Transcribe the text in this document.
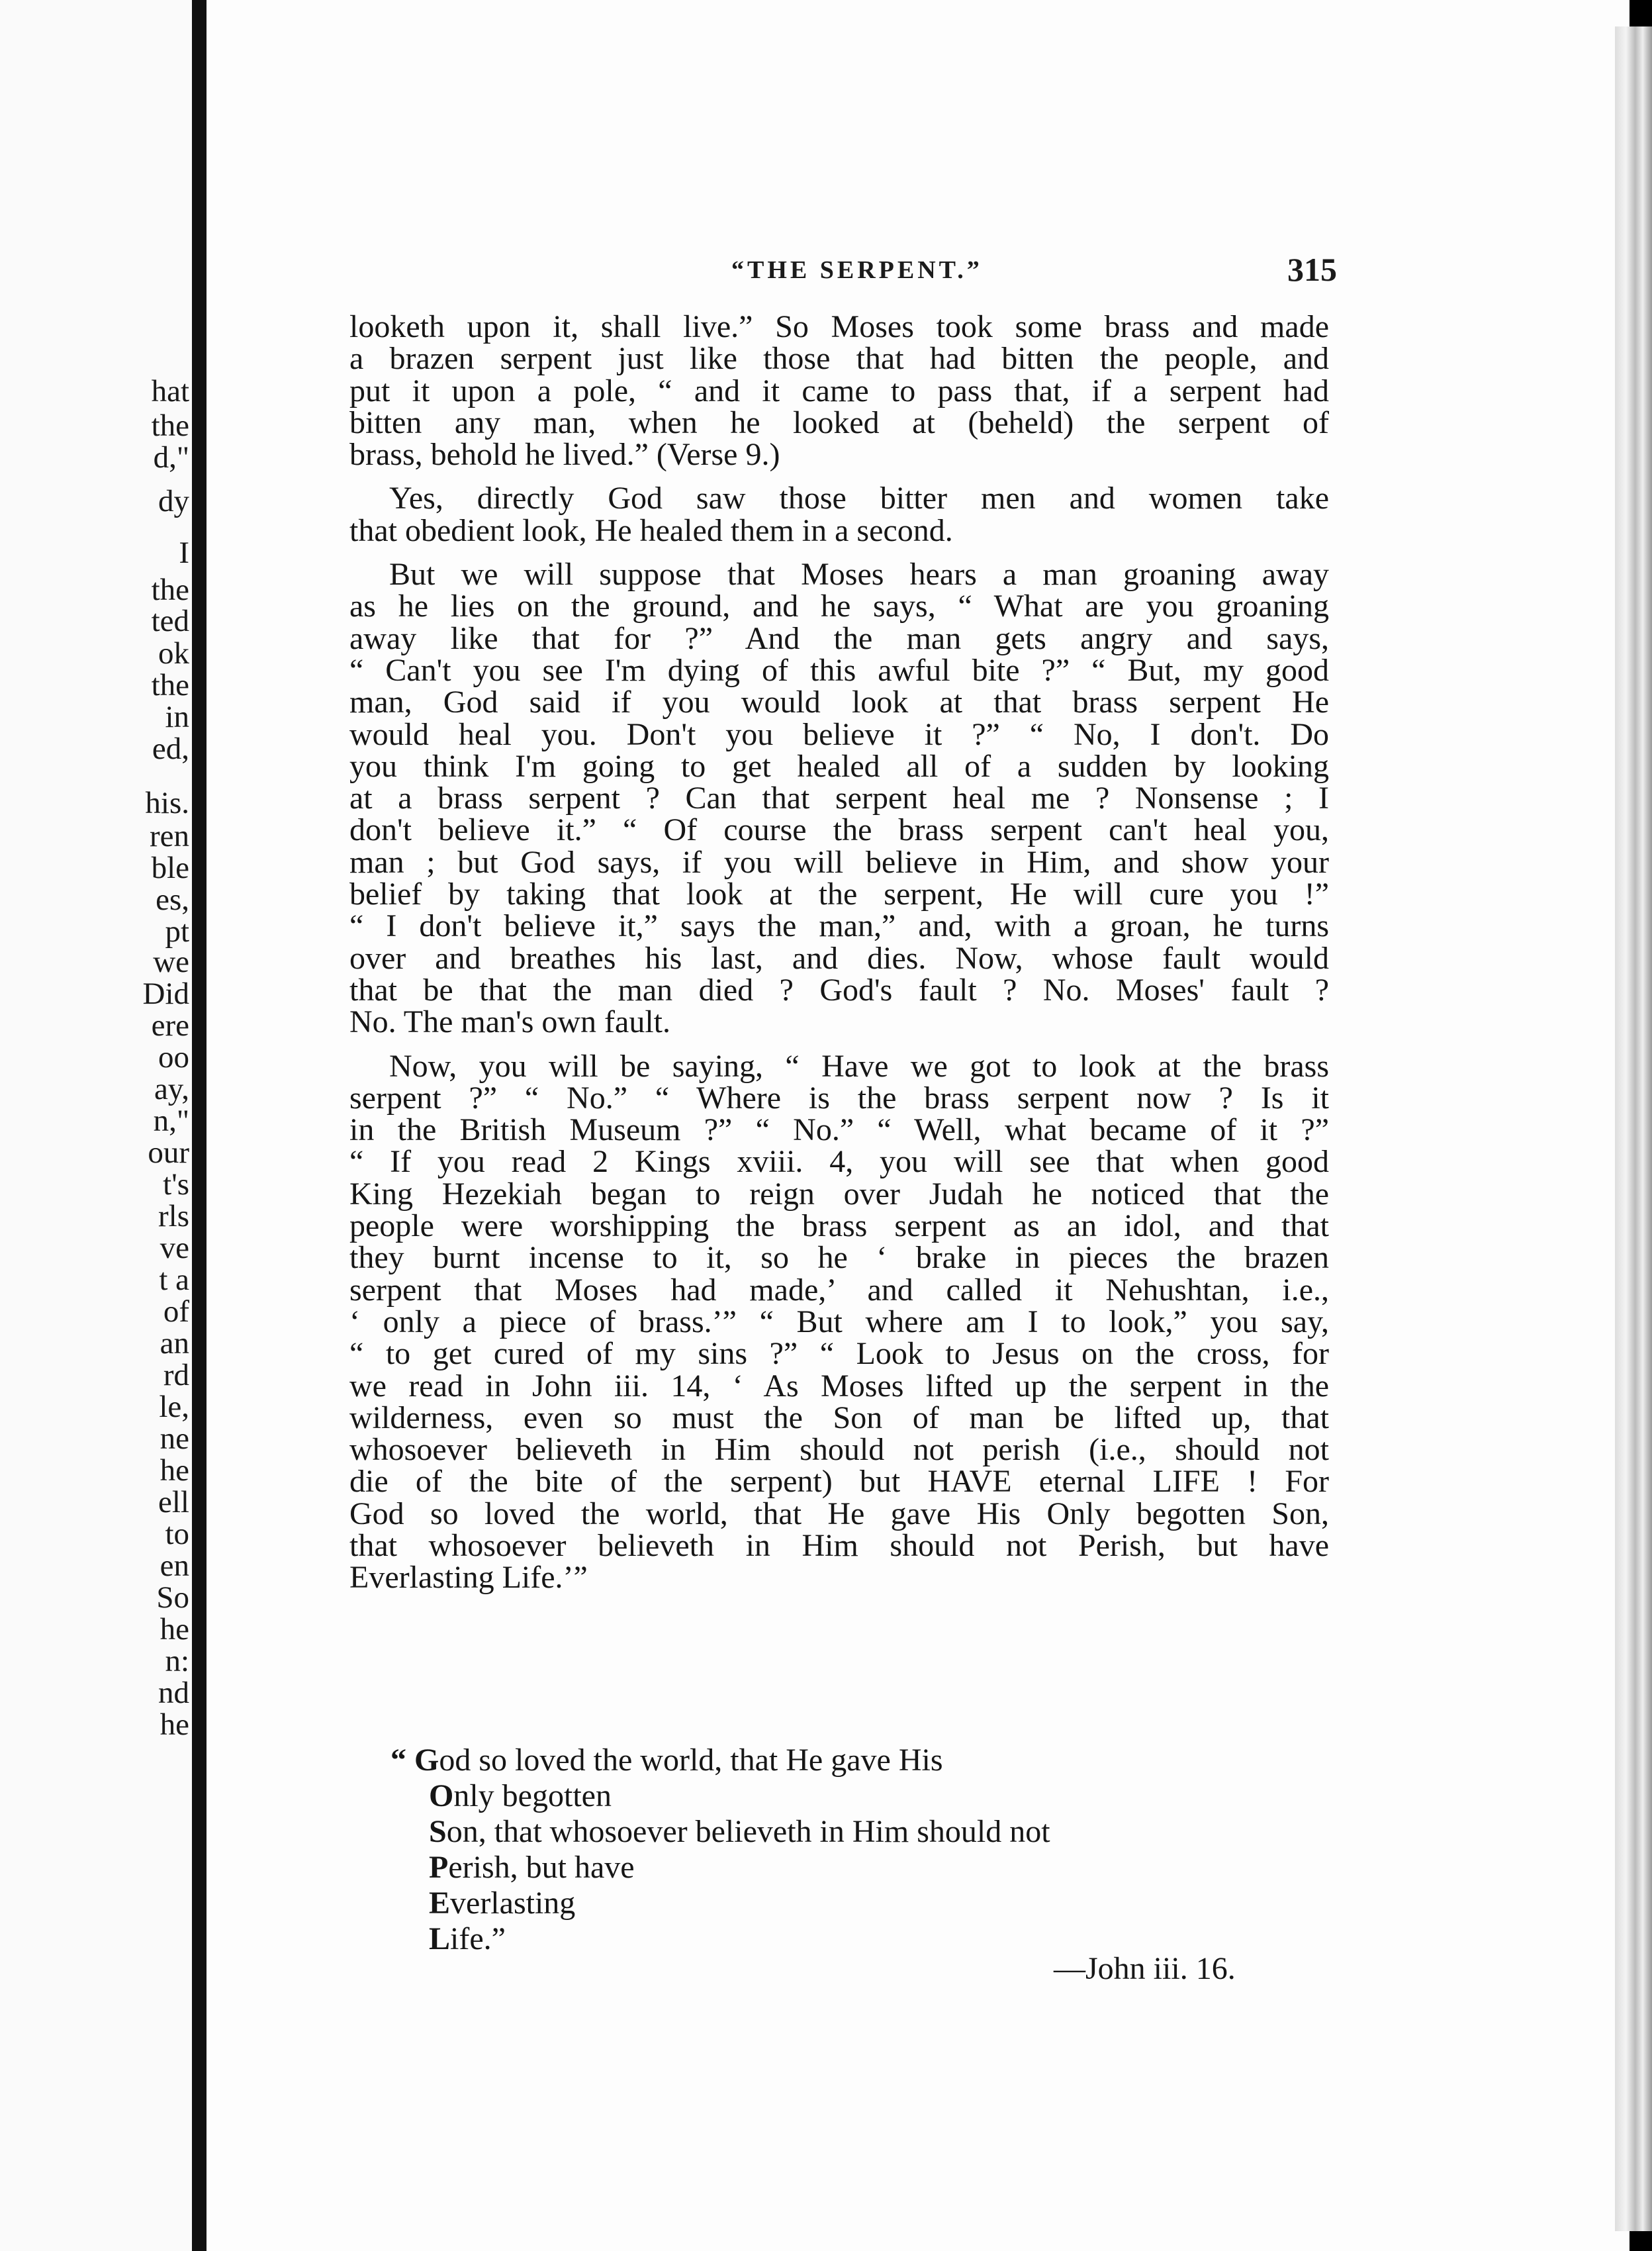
hat
the
d,"
dy
I
the
ted
ok
the
in
ed,
his.
ren
ble
es,
pt
we
Did
ere
oo
ay,
n,"
our
t's
rls
ve
t a
of
an
rd
le,
ne
he
ell
to
en
So
he
n:
nd
he
“THE SERPENT.”	315
looketh upon it, shall live.” So Moses took some brass and made
a brazen serpent just like those that had bitten the people, and
put it upon a pole, “ and it came to pass that, if a serpent had
bitten any man, when he looked at (beheld) the serpent of
brass, behold he lived.” (Verse 9.)
Yes, directly God saw those bitter men and women take
that obedient look, He healed them in a second.
But we will suppose that Moses hears a man groaning away
as he lies on the ground, and he says, “ What are you groaning
away like that for ?” And the man gets angry and says,
“ Can't you see I'm dying of this awful bite ?” “ But, my good
man, God said if you would look at that brass serpent He
would heal you. Don't you believe it ?” “ No, I don't. Do
you think I'm going to get healed all of a sudden by looking
at a brass serpent ? Can that serpent heal me ? Nonsense ; I
don't believe it.” “ Of course the brass serpent can't heal you,
man ; but God says, if you will believe in Him, and show your
belief by taking that look at the serpent, He will cure you !”
“ I don't believe it,” says the man,” and, with a groan, he turns
over and breathes his last, and dies. Now, whose fault would
that be that the man died ? God's fault ? No. Moses' fault ?
No. The man's own fault.
Now, you will be saying, “ Have we got to look at the brass
serpent ?” “ No.” “ Where is the brass serpent now ? Is it
in the British Museum ?” “ No.” “ Well, what became of it ?”
“ If you read 2 Kings xviii. 4, you will see that when good
King Hezekiah began to reign over Judah he noticed that the
people were worshipping the brass serpent as an idol, and that
they burnt incense to it, so he ‘ brake in pieces the brazen
serpent that Moses had made,’ and called it Nehushtan, i.e.,
‘ only a piece of brass.’” “ But where am I to look,” you say,
“ to get cured of my sins ?” “ Look to Jesus on the cross, for
we read in John iii. 14, ‘ As Moses lifted up the serpent in the
wilderness, even so must the Son of man be lifted up, that
whosoever believeth in Him should not perish (i.e., should not
die of the bite of the serpent) but HAVE eternal LIFE ! For
God so loved the world, that He gave His Only begotten Son,
that whosoever believeth in Him should not Perish, but have
Everlasting Life.’”
“ God so loved the world, that He gave His
Only begotten
Son, that whosoever believeth in Him should not
Perish, but have
Everlasting
Life.”
—John iii. 16.
